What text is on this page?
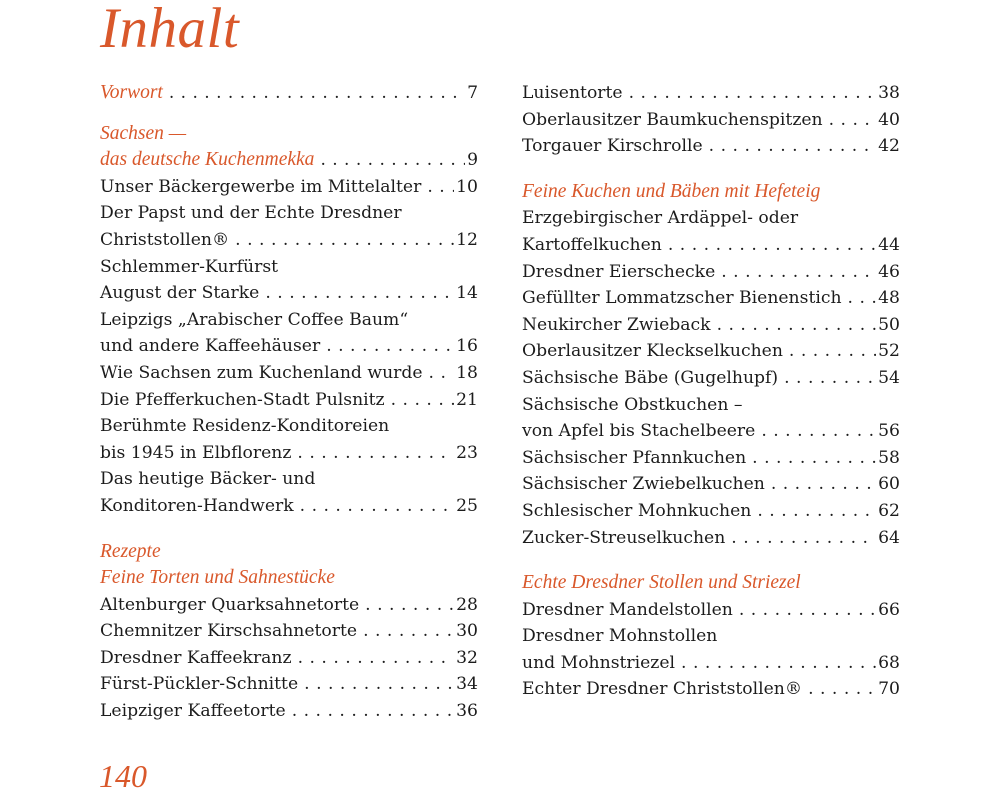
Inhalt
Vorwort . . .	7
Sachsen —
das deutsche Kuchenmekka . . .	9
Unser Bäckergewerbe im Mittelalter . . . 10
Der Papst und der Echte Dresdner
Christstollen® . . .	12
Schlemmer-Kurfürst
August der Starke . . .	14
Leipzigs „Arabischer Coffee Baum“
und andere Kaffeehäuser . . .	16
Wie Sachsen zum Kuchenland wurde . . . 18
Die Pfefferkuchen-Stadt Pulsnitz . . .	21
Berühmte Residenz-Konditoreien
bis 1945 in Elbflorenz . . .	23
Das heutige Bäcker- und
Konditoren-Handwerk . . .	25
Rezepte
Feine Torten und Sahnestücke
Altenburger Quarksahnetorte . . .	28
Chemnitzer Kirschsahnetorte . . .	30
Dresdner Kaffeekranz . . .	32
Fürst-Pückler-Schnitte . . .	34
Leipziger Kaffeetorte . . .	36
Luisentorte . . .	38
Oberlausitzer Baumkuchenspitzen . . .	40
Torgauer Kirschrolle . . .	42
Feine Kuchen und Bäben mit Hefeteig
Erzgebirgischer Ardäppel- oder
Kartoffelkuchen . . .	44
Dresdner Eierschecke . . .	46
Gefüllter Lommatzscher Bienenstich . . . 48
Neukircher Zwieback . . .	50
Oberlausitzer Kleckselkuchen . . .	52
Sächsische Bäbe (Gugelhupf) . . .	54
Sächsische Obstkuchen –
von Apfel bis Stachelbeere . . .	56
Sächsischer Pfannkuchen . . .	58
Sächsischer Zwiebelkuchen . . .	60
Schlesischer Mohnkuchen . . .	62
Zucker-Streuselkuchen . . .	64
Echte Dresdner Stollen und Striezel
Dresdner Mandelstollen . . .	66
Dresdner Mohnstollen
und Mohnstriezel . . .	68
Echter Dresdner Christstollen® . . .	70
140
